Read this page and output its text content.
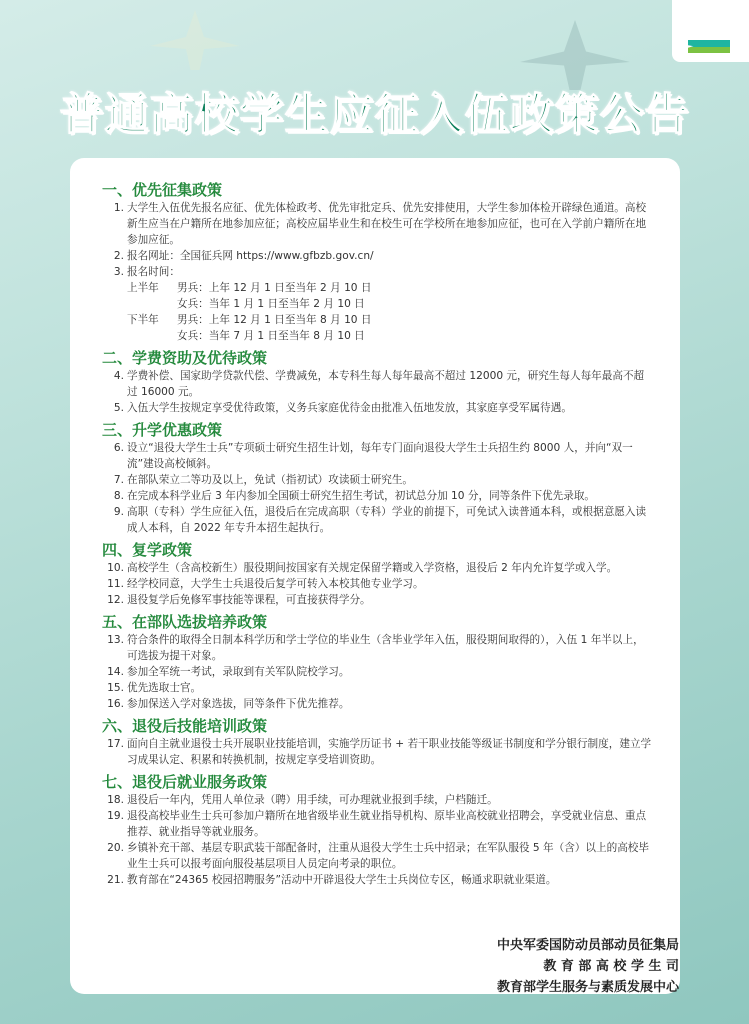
普通高校学生应征入伍政策公告
一、优先征集政策
1. 大学生入伍优先报名应征、优先体检政考、优先审批定兵、优先安排使用，大学生参加体检开辟绿色通道。高校新生应当在户籍所在地参加应征；高校应届毕业生和在校生可在学校所在地参加应征，也可在入学前户籍所在地参加应征。
2. 报名网址：全国征兵网 https://www.gfbzb.gov.cn/
3. 报名时间：
上半年	男兵： 上年 12 月 1 日至当年 2 月 10 日
女兵： 当年 1 月 1 日至当年 2 月 10 日
下半年	男兵： 上年 12 月 1 日至当年 8 月 10 日
女兵： 当年 7 月 1 日至当年 8 月 10 日
二、学费资助及优待政策
4. 学费补偿、国家助学贷款代偿、学费减免，本专科生每人每年最高不超过 12000 元，研究生每人每年最高不超过 16000 元。
5. 入伍大学生按规定享受优待政策，义务兵家庭优待金由批准入伍地发放，其家庭享受军属待遇。
三、升学优惠政策
6. 设立“退役大学生士兵”专项硕士研究生招生计划，每年专门面向退役大学生士兵招生约 8000 人，并向“双一流”建设高校倾斜。
7. 在部队荣立二等功及以上，免试（指初试）攻读硕士研究生。
8. 在完成本科学业后 3 年内参加全国硕士研究生招生考试，初试总分加 10 分，同等条件下优先录取。
9. 高职（专科）学生应征入伍，退役后在完成高职（专科）学业的前提下，可免试入读普通本科，或根据意愿入读成人本科，自 2022 年专升本招生起执行。
四、复学政策
10. 高校学生（含高校新生）服役期间按国家有关规定保留学籍或入学资格，退役后 2 年内允许复学或入学。
11. 经学校同意，大学生士兵退役后复学可转入本校其他专业学习。
12. 退役复学后免修军事技能等课程，可直接获得学分。
五、在部队选拔培养政策
13. 符合条件的取得全日制本科学历和学士学位的毕业生（含毕业学年入伍，服役期间取得的），入伍 1 年半以上，可选拔为提干对象。
14. 参加全军统一考试，录取到有关军队院校学习。
15. 优先选取士官。
16. 参加保送入学对象选拔，同等条件下优先推荐。
六、退役后技能培训政策
17. 面向自主就业退役士兵开展职业技能培训，实施学历证书 + 若干职业技能等级证书制度和学分银行制度，建立学习成果认定、积累和转换机制，按规定享受培训资助。
七、退役后就业服务政策
18. 退役后一年内，凭用人单位录（聘）用手续，可办理就业报到手续，户档随迁。
19. 退役高校毕业生士兵可参加户籍所在地省级毕业生就业指导机构、原毕业高校就业招聘会，享受就业信息、重点推荐、就业指导等就业服务。
20. 乡镇补充干部、基层专职武装干部配备时，注重从退役大学生士兵中招录；在军队服役 5 年（含）以上的高校毕业生士兵可以报考面向服役基层项目人员定向考录的职位。
21. 教育部在“24365 校园招聘服务”活动中开辟退役大学生士兵岗位专区，畅通求职就业渠道。
中央军委国防动员部动员征集局
教 育 部 高 校 学 生 司
教育部学生服务与素质发展中心
